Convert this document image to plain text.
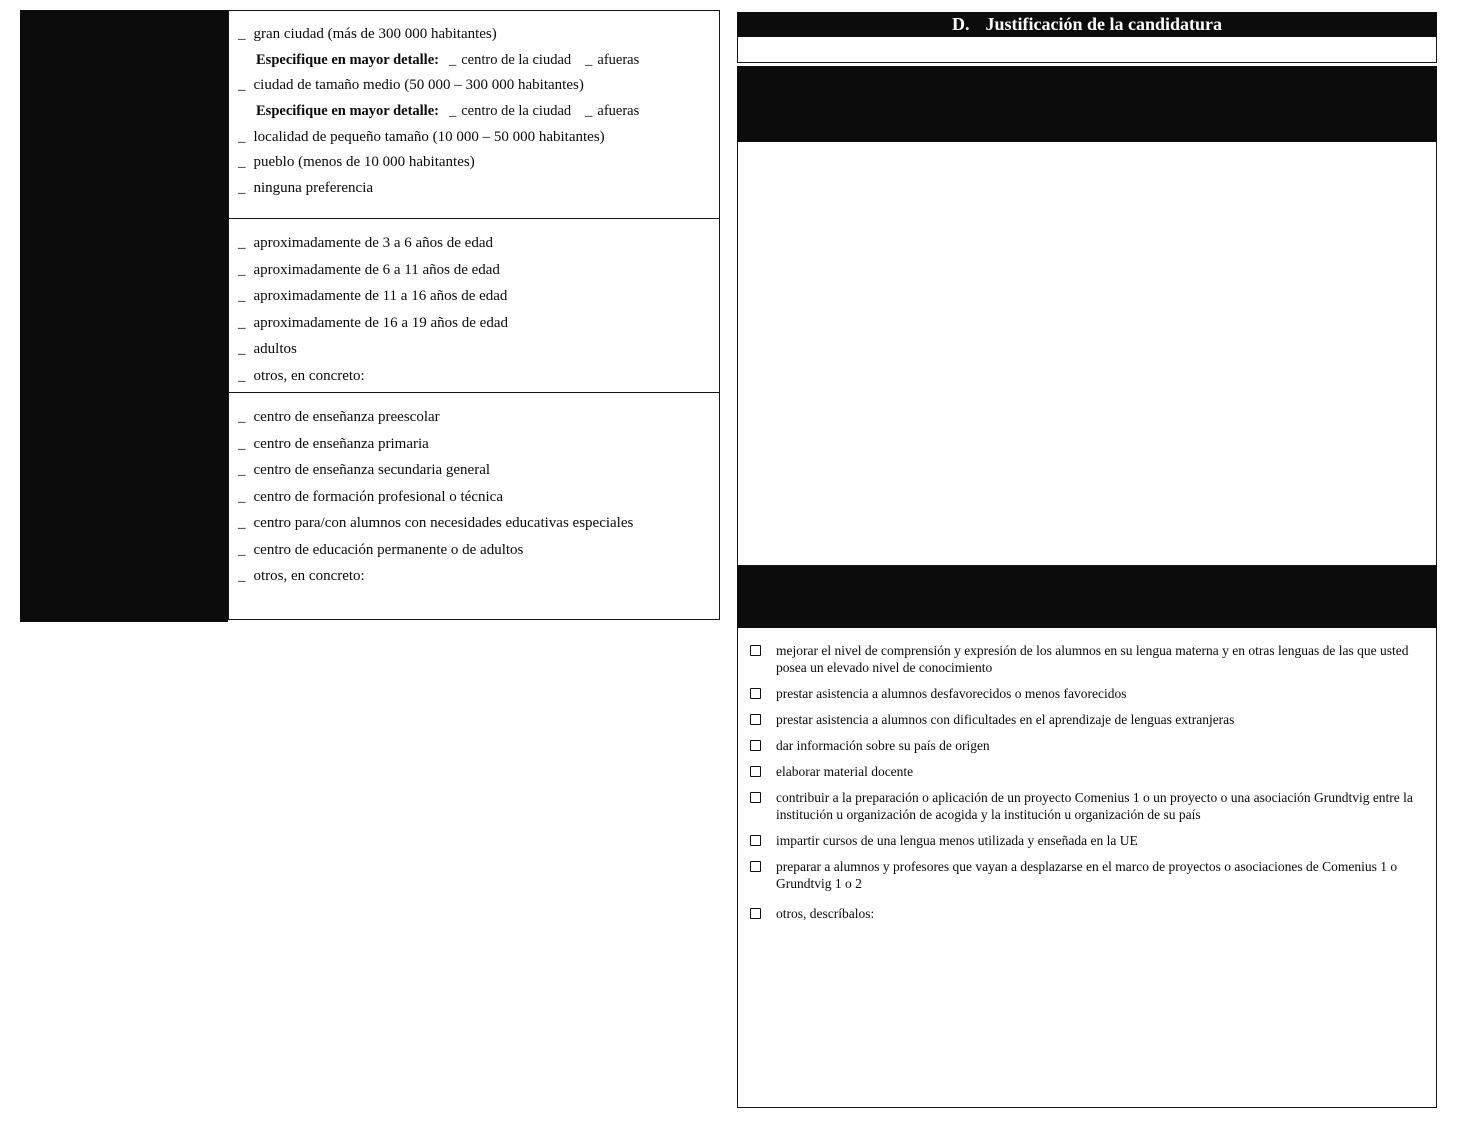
_ gran ciudad (más de 300 000 habitantes)
Especifique en mayor detalle: _ centro de la ciudad _ afueras
_ ciudad de tamaño medio (50 000 – 300 000 habitantes)
Especifique en mayor detalle: _ centro de la ciudad _ afueras
_ localidad de pequeño tamaño (10 000 – 50 000 habitantes)
_ pueblo (menos de 10 000 habitantes)
_ ninguna preferencia
_ aproximadamente de 3 a 6 años de edad
_ aproximadamente de 6 a 11 años de edad
_ aproximadamente de 11 a 16 años de edad
_ aproximadamente de 16 a 19 años de edad
_ adultos
_ otros, en concreto:
_ centro de enseñanza preescolar
_ centro de enseñanza primaria
_ centro de enseñanza secundaria general
_ centro de formación profesional o técnica
_ centro para/con alumnos con necesidades educativas especiales
_ centro de educación permanente o de adultos
_ otros, en concreto:
D. Justificación de la candidatura
mejorar el nivel de comprensión y expresión de los alumnos en su lengua materna y en otras lenguas de las que usted posea un elevado nivel de conocimiento
prestar asistencia a alumnos desfavorecidos o menos favorecidos
prestar asistencia a alumnos con dificultades en el aprendizaje de lenguas extranjeras
dar información sobre su país de origen
elaborar material docente
contribuir a la preparación o aplicación de un proyecto Comenius 1 o un proyecto o una asociación Grundtvig entre la institución u organización de acogida y la institución u organización de su país
impartir cursos de una lengua menos utilizada y enseñada en la UE
preparar a alumnos y profesores que vayan a desplazarse en el marco de proyectos o asociaciones de Comenius 1 o Grundtvig 1 o 2
otros, descríbalos:
